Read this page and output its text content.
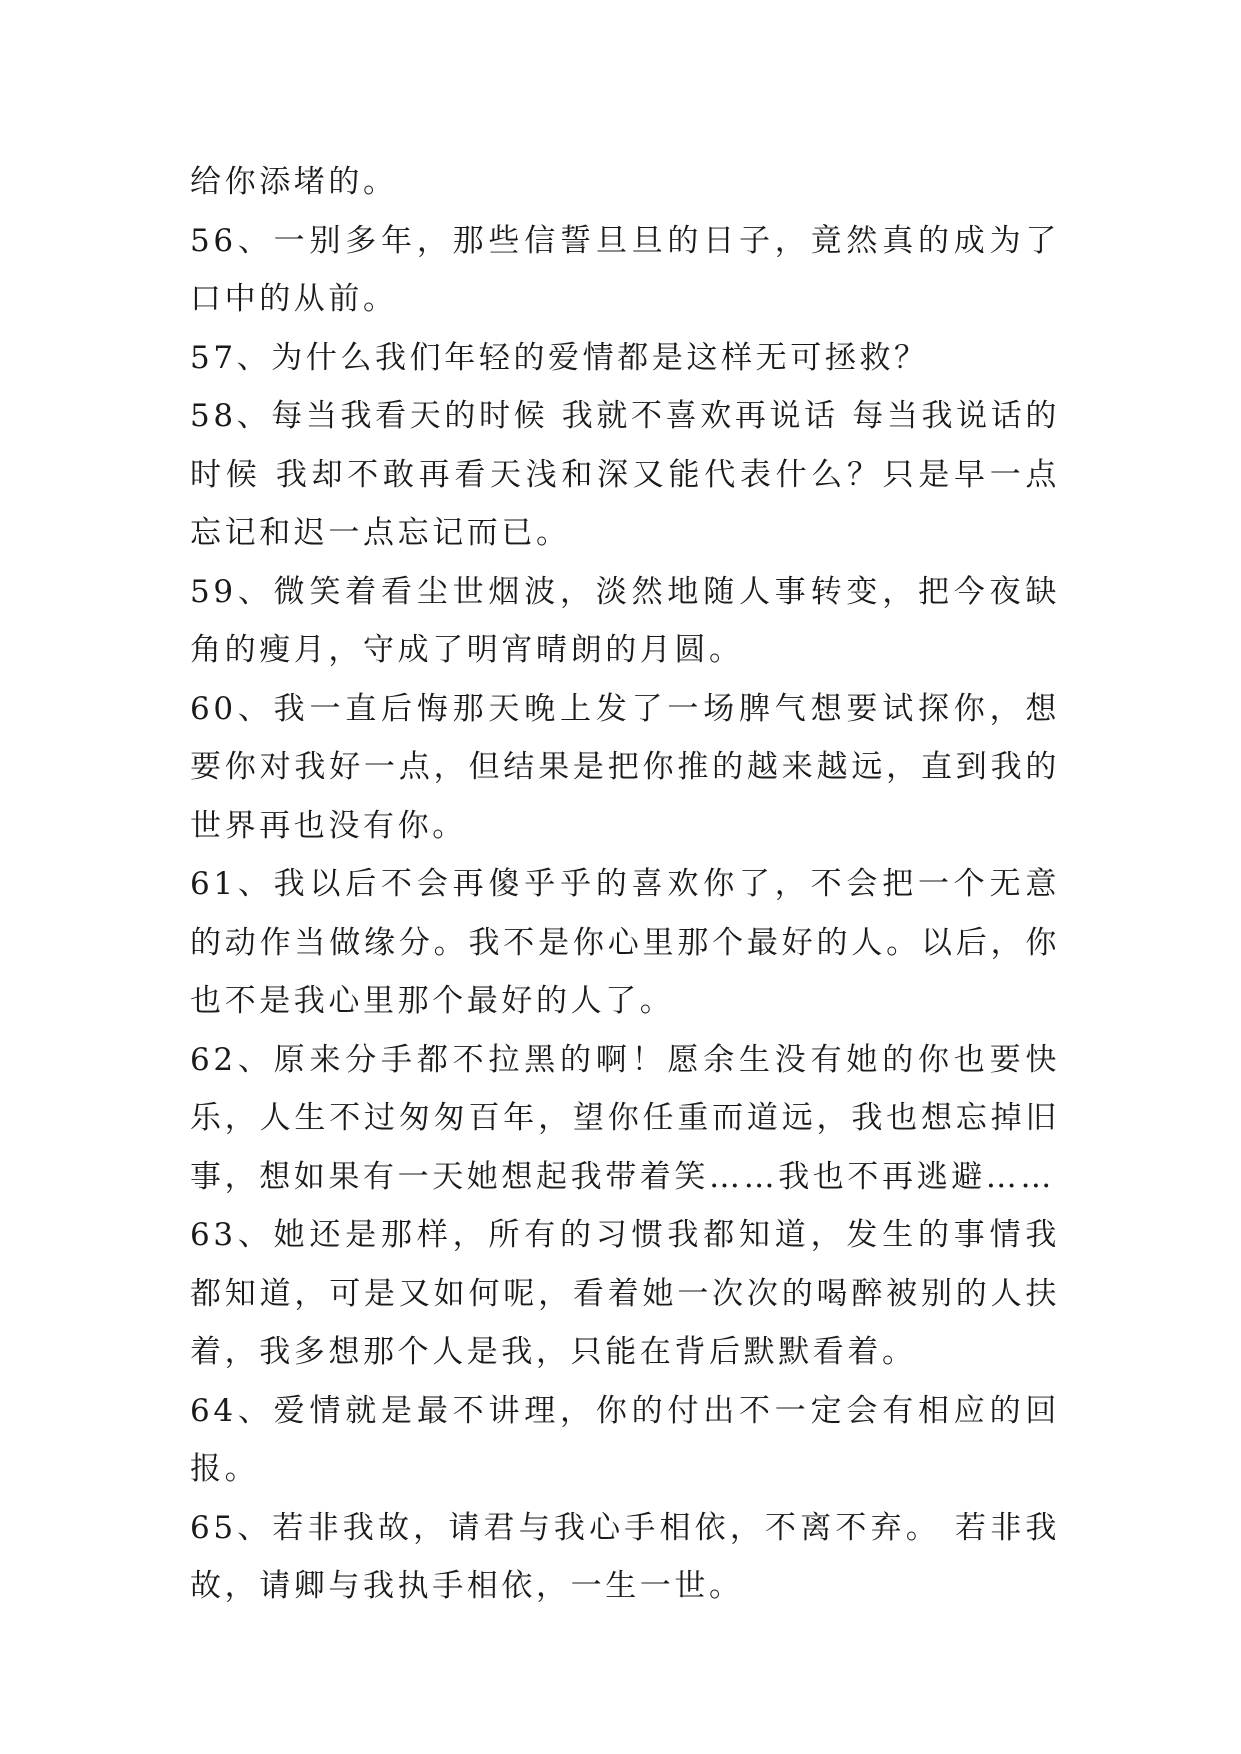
给你添堵的。

56、一别多年，那些信誓旦旦的日子，竟然真的成为了口中的从前。

57、为什么我们年轻的爱情都是这样无可拯救？

58、每当我看天的时候 我就不喜欢再说话 每当我说话的时候 我却不敢再看天浅和深又能代表什么？只是早一点忘记和迟一点忘记而已。

59、微笑着看尘世烟波，淡然地随人事转变，把今夜缺角的瘦月，守成了明宵晴朗的月圆。

60、我一直后悔那天晚上发了一场脾气想要试探你，想要你对我好一点，但结果是把你推的越来越远，直到我的世界再也没有你。

61、我以后不会再傻乎乎的喜欢你了，不会把一个无意的动作当做缘分。我不是你心里那个最好的人。以后，你也不是我心里那个最好的人了。

62、原来分手都不拉黑的啊！愿余生没有她的你也要快乐，人生不过匆匆百年，望你任重而道远，我也想忘掉旧事，想如果有一天她想起我带着笑……我也不再逃避……

63、她还是那样，所有的习惯我都知道，发生的事情我都知道，可是又如何呢，看着她一次次的喝醉被别的人扶着，我多想那个人是我，只能在背后默默看着。

64、爱情就是最不讲理，你的付出不一定会有相应的回报。

65、若非我故，请君与我心手相依，不离不弃。 若非我故，请卿与我执手相依，一生一世。
